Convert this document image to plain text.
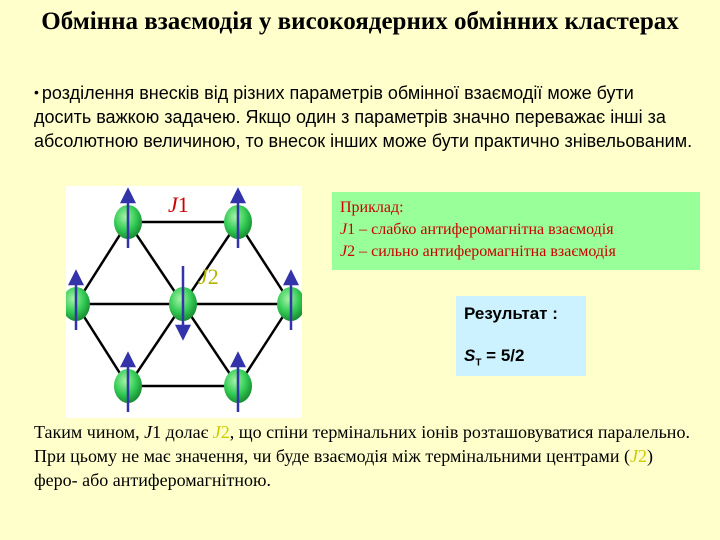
Обмінна взаємодія у високоядерних обмінних кластерах
• розділення внесків від різних параметрів обмінної взаємодії може бути досить важкою задачею. Якщо один з параметрів значно переважає інші за абсолютною величиною, то внесок інших може бути практично знівельованим.
J1
J2
Приклад:
J1 – слабко антиферомагнітна взаємодія
J2 – сильно антиферомагнітна взаємодія
Результат :
$S_T = 5/2$
Таким чином, J1 долає J2, що спіни термінальних іонів розташовуватися паралельно. При цьому не має значення, чи буде взаємодія між термінальними центрами (J2) феро- або антиферомагнітною.
